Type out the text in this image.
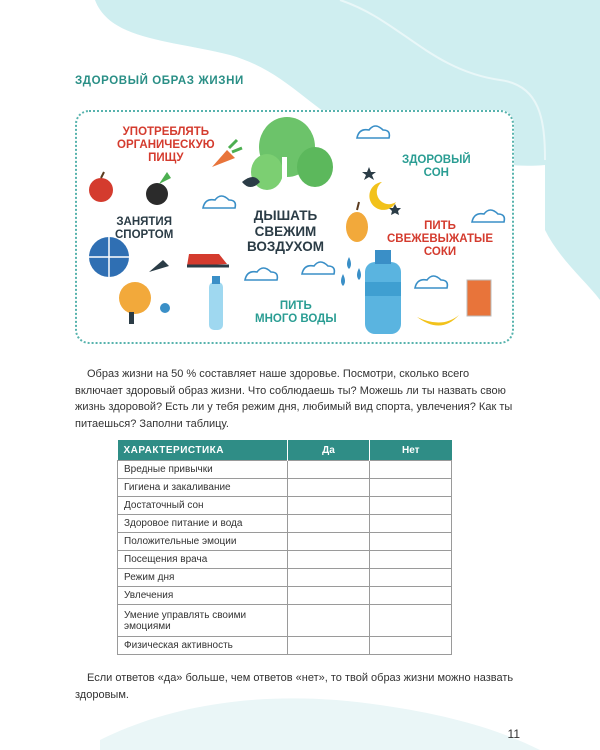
ЗДОРОВЫЙ ОБРАЗ ЖИЗНИ
УПОТРЕБЛЯТЬ
ОРГАНИЧЕСКУЮ
ПИЩУ
ЗАНЯТИЯ
СПОРТОМ
ДЫШАТЬ
СВЕЖИМ
ВОЗДУХОМ
ЗДОРОВЫЙ
СОН
ПИТЬ
СВЕЖЕВЫЖАТЫЕ
СОКИ
ПИТЬ
МНОГО ВОДЫ
Образ жизни на 50 % составляет наше здоровье. Посмотри, сколько всего включает здоровый образ жизни. Что соблюдаешь ты? Можешь ли ты назвать свою жизнь здоровой? Есть ли у тебя режим дня, любимый вид спорта, увлечения? Как ты питаешься? Заполни таблицу.
ХАРАКТЕРИСТИКА	Да	Нет
Вредные привычки		
Гигиена и закаливание		
Достаточный сон		
Здоровое питание и вода		
Положительные эмоции		
Посещения врача		
Режим дня		
Увлечения		
Умение управлять своими эмоциями		
Физическая активность		
Если ответов «да» больше, чем ответов «нет», то твой образ жизни можно назвать здоровым.
11
